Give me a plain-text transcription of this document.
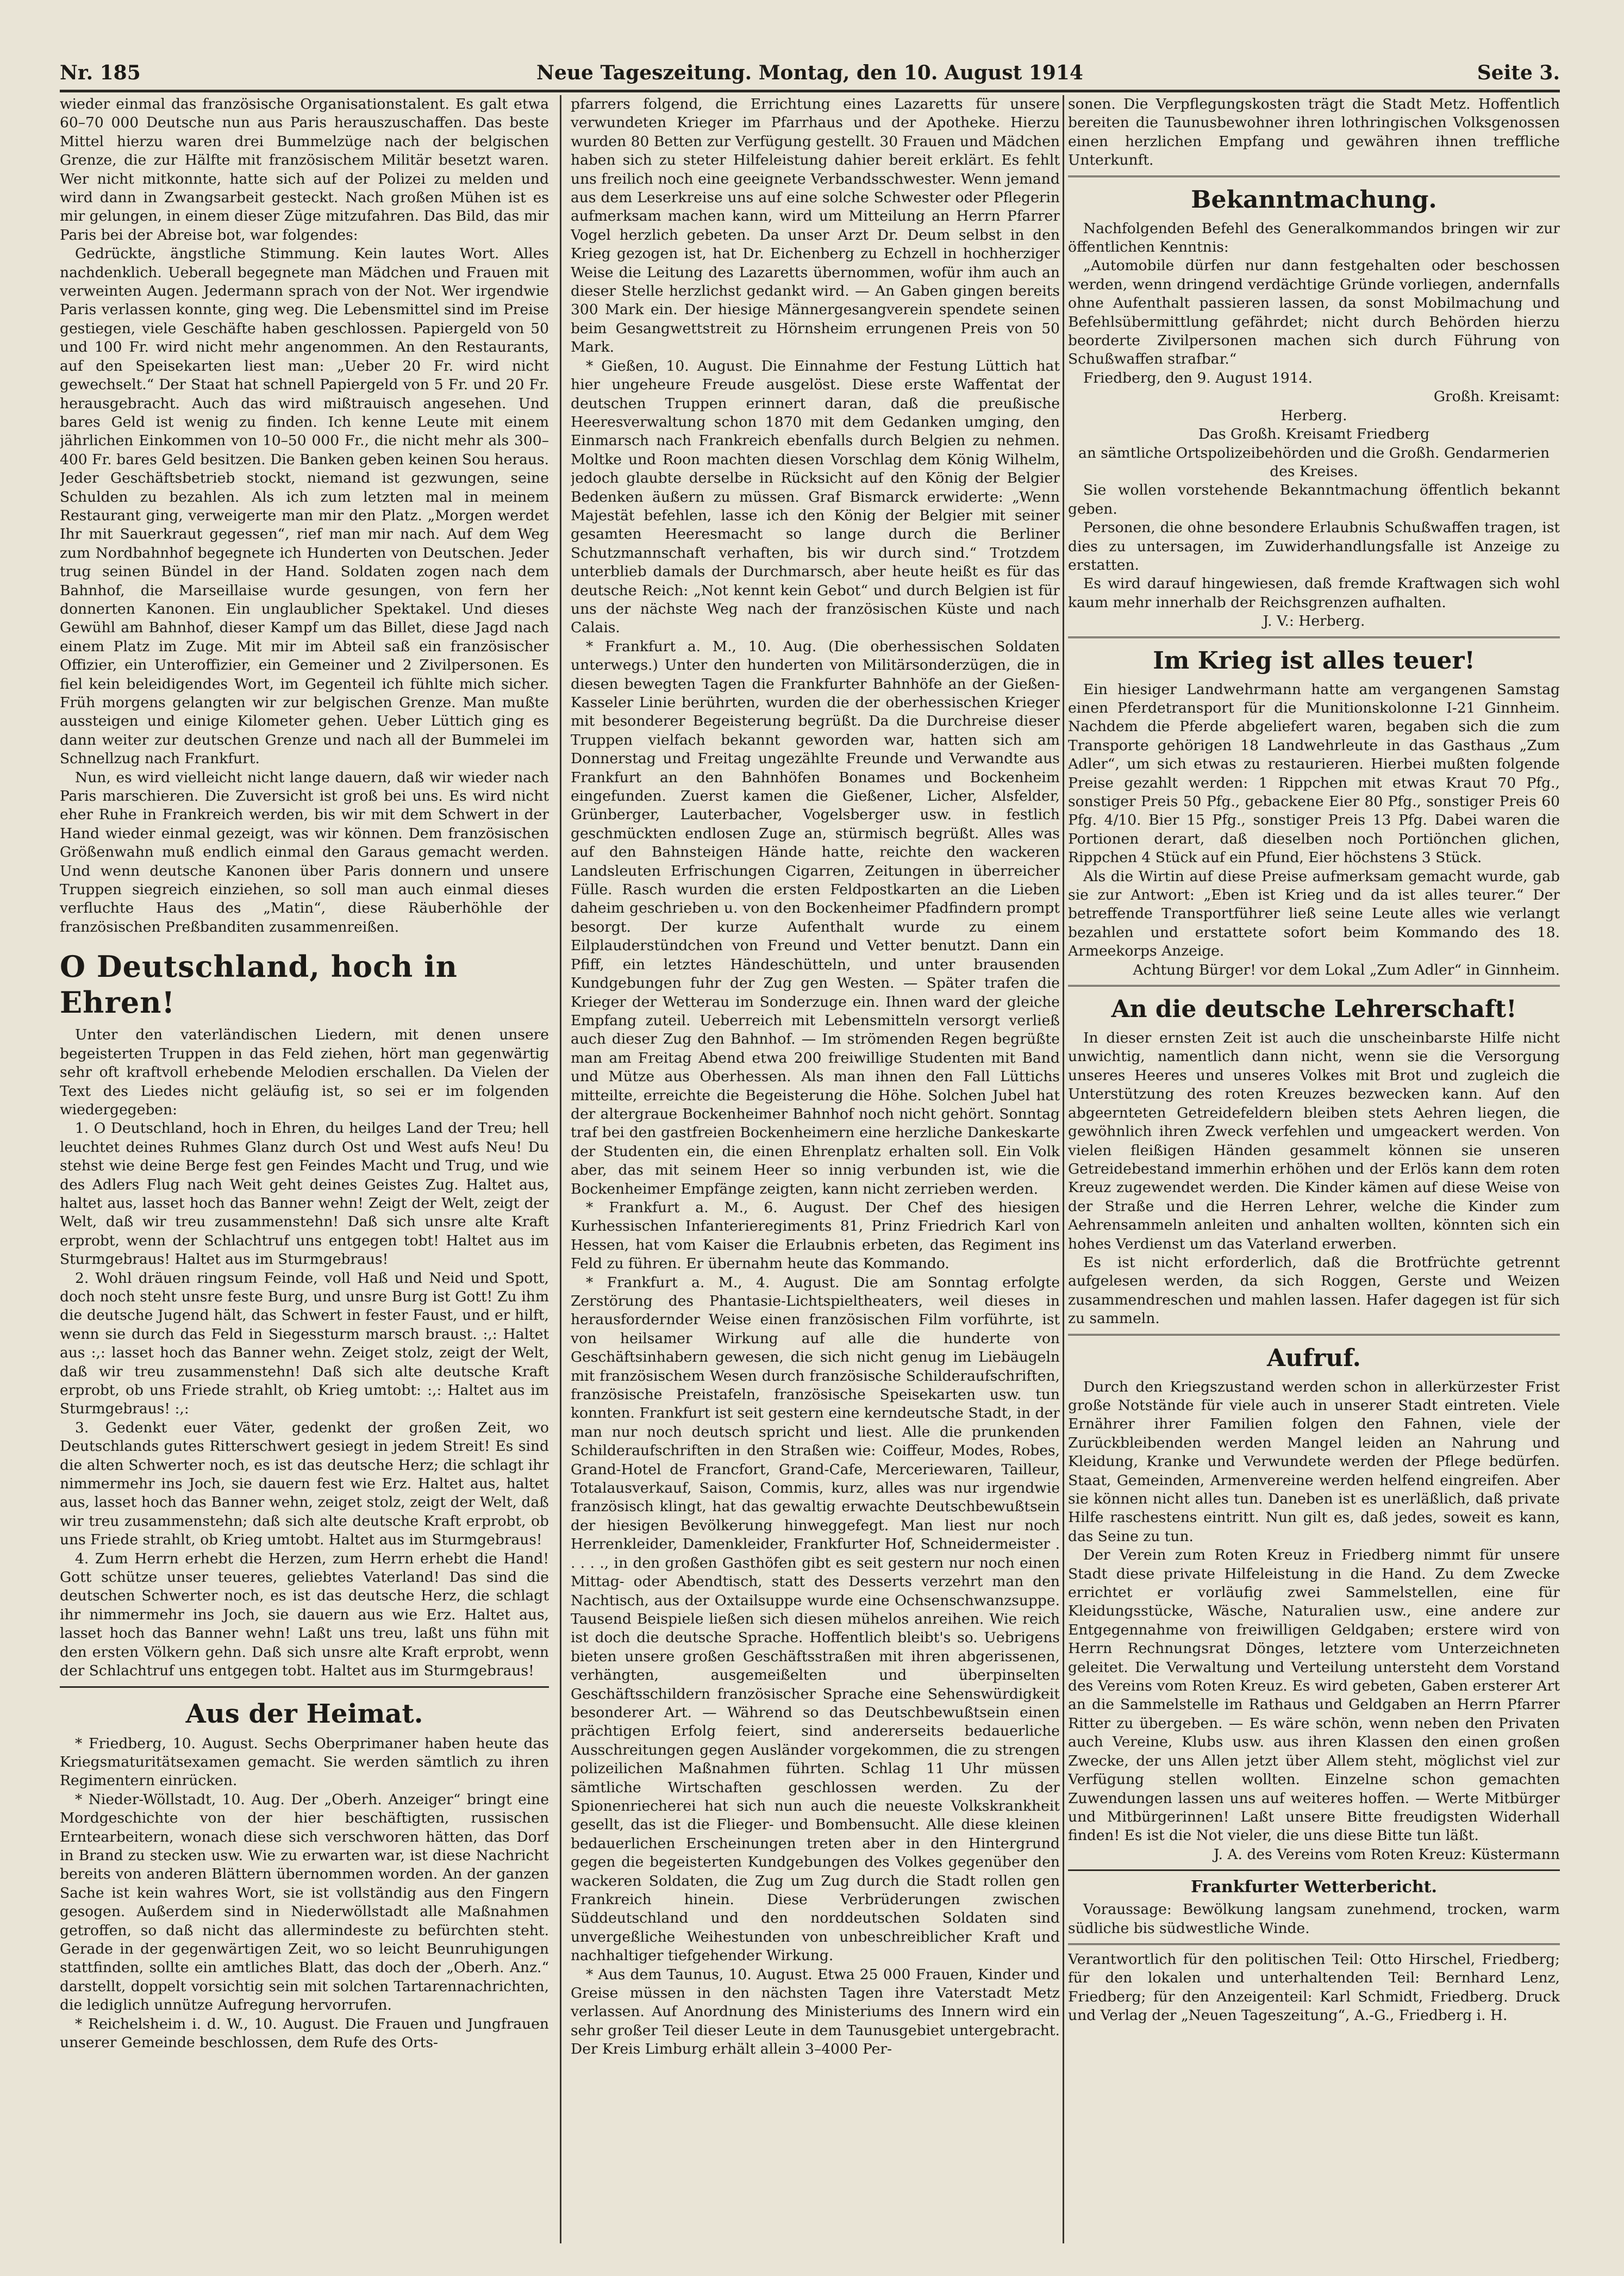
Nr. 185	Neue Tageszeitung. Montag, den 10. August 1914	Seite 3.

wieder einmal das französische Organisationstalent. Es galt etwa 60–70 000 Deutsche nun aus Paris herauszuschaffen. Das beste Mittel hierzu waren drei Bummelzüge nach der belgischen Grenze, die zur Hälfte mit französischem Militär besetzt waren. Wer nicht mitkonnte, hatte sich auf der Polizei zu melden und wird dann in Zwangsarbeit gesteckt. Nach großen Mühen ist es mir gelungen, in einem dieser Züge mitzufahren. Das Bild, das mir Paris bei der Abreise bot, war folgendes:

Gedrückte, ängstliche Stimmung. Kein lautes Wort. Alles nachdenklich. Ueberall begegnete man Mädchen und Frauen mit verweinten Augen. Jedermann sprach von der Not. Wer irgendwie Paris verlassen konnte, ging weg. Die Lebensmittel sind im Preise gestiegen, viele Geschäfte haben geschlossen. Papiergeld von 50 und 100 Fr. wird nicht mehr angenommen. An den Restaurants, auf den Speisekarten liest man: „Ueber 20 Fr. wird nicht gewechselt.“ Der Staat hat schnell Papiergeld von 5 Fr. und 20 Fr. herausgebracht. Auch das wird mißtrauisch angesehen. Und bares Geld ist wenig zu finden. Ich kenne Leute mit einem jährlichen Einkommen von 10–50 000 Fr., die nicht mehr als 300–400 Fr. bares Geld besitzen. Die Banken geben keinen Sou heraus. Jeder Geschäftsbetrieb stockt, niemand ist gezwungen, seine Schulden zu bezahlen. Als ich zum letzten mal in meinem Restaurant ging, verweigerte man mir den Platz. „Morgen werdet Ihr mit Sauerkraut gegessen“, rief man mir nach. Auf dem Weg zum Nordbahnhof begegnete ich Hunderten von Deutschen. Jeder trug seinen Bündel in der Hand. Soldaten zogen nach dem Bahnhof, die Marseillaise wurde gesungen, von fern her donnerten Kanonen. Ein unglaublicher Spektakel. Und dieses Gewühl am Bahnhof, dieser Kampf um das Billet, diese Jagd nach einem Platz im Zuge. Mit mir im Abteil saß ein französischer Offizier, ein Unteroffizier, ein Gemeiner und 2 Zivilpersonen. Es fiel kein beleidigendes Wort, im Gegenteil ich fühlte mich sicher. Früh morgens gelangten wir zur belgischen Grenze. Man mußte aussteigen und einige Kilometer gehen. Ueber Lüttich ging es dann weiter zur deutschen Grenze und nach all der Bummelei im Schnellzug nach Frankfurt.

Nun, es wird vielleicht nicht lange dauern, daß wir wieder nach Paris marschieren. Die Zuversicht ist groß bei uns. Es wird nicht eher Ruhe in Frankreich werden, bis wir mit dem Schwert in der Hand wieder einmal gezeigt, was wir können. Dem französischen Größenwahn muß endlich einmal den Garaus gemacht werden. Und wenn deutsche Kanonen über Paris donnern und unsere Truppen siegreich einziehen, so soll man auch einmal dieses verfluchte Haus des „Matin“, diese Räuberhöhle der französischen Preßbanditen zusammenreißen.

O Deutschland, hoch in Ehren!

Unter den vaterländischen Liedern, mit denen unsere begeisterten Truppen in das Feld ziehen, hört man gegenwärtig sehr oft kraftvoll erhebende Melodien erschallen. Da Vielen der Text des Liedes nicht geläufig ist, so sei er im folgenden wiedergegeben:

1. O Deutschland, hoch in Ehren, du heilges Land der Treu; hell leuchtet deines Ruhmes Glanz durch Ost und West aufs Neu! Du stehst wie deine Berge fest gen Feindes Macht und Trug, und wie des Adlers Flug nach Weit geht deines Geistes Zug. Haltet aus, haltet aus, lasset hoch das Banner wehn! Zeigt der Welt, zeigt der Welt, daß wir treu zusammenstehn! Daß sich unsre alte Kraft erprobt, wenn der Schlachtruf uns entgegen tobt! Haltet aus im Sturmgebraus! Haltet aus im Sturmgebraus!

2. Wohl dräuen ringsum Feinde, voll Haß und Neid und Spott, doch noch steht unsre feste Burg, und unsre Burg ist Gott! Zu ihm die deutsche Jugend hält, das Schwert in fester Faust, und er hilft, wenn sie durch das Feld in Siegessturm marsch braust. :,: Haltet aus :,: lasset hoch das Banner wehn. Zeiget stolz, zeigt der Welt, daß wir treu zusammenstehn! Daß sich alte deutsche Kraft erprobt, ob uns Friede strahlt, ob Krieg umtobt: :,: Haltet aus im Sturmgebraus! :,:

3. Gedenkt euer Väter, gedenkt der großen Zeit, wo Deutschlands gutes Ritterschwert gesiegt in jedem Streit! Es sind die alten Schwerter noch, es ist das deutsche Herz; die schlagt ihr nimmermehr ins Joch, sie dauern fest wie Erz. Haltet aus, haltet aus, lasset hoch das Banner wehn, zeiget stolz, zeigt der Welt, daß wir treu zusammenstehn; daß sich alte deutsche Kraft erprobt, ob uns Friede strahlt, ob Krieg umtobt. Haltet aus im Sturmgebraus!

4. Zum Herrn erhebt die Herzen, zum Herrn erhebt die Hand! Gott schütze unser teueres, geliebtes Vaterland! Das sind die deutschen Schwerter noch, es ist das deutsche Herz, die schlagt ihr nimmermehr ins Joch, sie dauern aus wie Erz. Haltet aus, lasset hoch das Banner wehn! Laßt uns treu, laßt uns fühn mit den ersten Völkern gehn. Daß sich unsre alte Kraft erprobt, wenn der Schlachtruf uns entgegen tobt. Haltet aus im Sturmgebraus!

Aus der Heimat.

* Friedberg, 10. August. Sechs Oberprimaner haben heute das Kriegsmaturitätsexamen gemacht. Sie werden sämtlich zu ihren Regimentern einrücken.

* Nieder-Wöllstadt, 10. Aug. Der „Oberh. Anzeiger“ bringt eine Mordgeschichte von der hier beschäftigten, russischen Erntearbeitern, wonach diese sich verschworen hätten, das Dorf in Brand zu stecken usw. Wie zu erwarten war, ist diese Nachricht bereits von anderen Blättern übernommen worden. An der ganzen Sache ist kein wahres Wort, sie ist vollständig aus den Fingern gesogen. Außerdem sind in Niederwöllstadt alle Maßnahmen getroffen, so daß nicht das allermindeste zu befürchten steht. Gerade in der gegenwärtigen Zeit, wo so leicht Beunruhigungen stattfinden, sollte ein amtliches Blatt, das doch der „Oberh. Anz.“ darstellt, doppelt vorsichtig sein mit solchen Tartarennachrichten, die lediglich unnütze Aufregung hervorrufen.

* Reichelsheim i. d. W., 10. August. Die Frauen und Jungfrauen unserer Gemeinde beschlossen, dem Rufe des Orts-

pfarrers folgend, die Errichtung eines Lazaretts für unsere verwundeten Krieger im Pfarrhaus und der Apotheke. Hierzu wurden 80 Betten zur Verfügung gestellt. 30 Frauen und Mädchen haben sich zu steter Hilfeleistung dahier bereit erklärt. Es fehlt uns freilich noch eine geeignete Verbandsschwester. Wenn jemand aus dem Leserkreise uns auf eine solche Schwester oder Pflegerin aufmerksam machen kann, wird um Mitteilung an Herrn Pfarrer Vogel herzlich gebeten. Da unser Arzt Dr. Deum selbst in den Krieg gezogen ist, hat Dr. Eichenberg zu Echzell in hochherziger Weise die Leitung des Lazaretts übernommen, wofür ihm auch an dieser Stelle herzlichst gedankt wird. — An Gaben gingen bereits 300 Mark ein. Der hiesige Männergesangverein spendete seinen beim Gesangwettstreit zu Hörnsheim errungenen Preis von 50 Mark.

* Gießen, 10. August. Die Einnahme der Festung Lüttich hat hier ungeheure Freude ausgelöst. Diese erste Waffentat der deutschen Truppen erinnert daran, daß die preußische Heeresverwaltung schon 1870 mit dem Gedanken umging, den Einmarsch nach Frankreich ebenfalls durch Belgien zu nehmen. Moltke und Roon machten diesen Vorschlag dem König Wilhelm, jedoch glaubte derselbe in Rücksicht auf den König der Belgier Bedenken äußern zu müssen. Graf Bismarck erwiderte: „Wenn Majestät befehlen, lasse ich den König der Belgier mit seiner gesamten Heeresmacht so lange durch die Berliner Schutzmannschaft verhaften, bis wir durch sind.“ Trotzdem unterblieb damals der Durchmarsch, aber heute heißt es für das deutsche Reich: „Not kennt kein Gebot“ und durch Belgien ist für uns der nächste Weg nach der französischen Küste und nach Calais.

* Frankfurt a. M., 10. Aug. (Die oberhessischen Soldaten unterwegs.) Unter den hunderten von Militärsonderzügen, die in diesen bewegten Tagen die Frankfurter Bahnhöfe an der Gießen-Kasseler Linie berührten, wurden die der oberhessischen Krieger mit besonderer Begeisterung begrüßt. Da die Durchreise dieser Truppen vielfach bekannt geworden war, hatten sich am Donnerstag und Freitag ungezählte Freunde und Verwandte aus Frankfurt an den Bahnhöfen Bonames und Bockenheim eingefunden. Zuerst kamen die Gießener, Licher, Alsfelder, Grünberger, Lauterbacher, Vogelsberger usw. in festlich geschmückten endlosen Zuge an, stürmisch begrüßt. Alles was auf den Bahnsteigen Hände hatte, reichte den wackeren Landsleuten Erfrischungen Cigarren, Zeitungen in überreicher Fülle. Rasch wurden die ersten Feldpostkarten an die Lieben daheim geschrieben u. von den Bockenheimer Pfadfindern prompt besorgt. Der kurze Aufenthalt wurde zu einem Eilplauderstündchen von Freund und Vetter benutzt. Dann ein Pfiff, ein letztes Händeschütteln, und unter brausenden Kundgebungen fuhr der Zug gen Westen. — Später trafen die Krieger der Wetterau im Sonderzuge ein. Ihnen ward der gleiche Empfang zuteil. Ueberreich mit Lebensmitteln versorgt verließ auch dieser Zug den Bahnhof. — Im strömenden Regen begrüßte man am Freitag Abend etwa 200 freiwillige Studenten mit Band und Mütze aus Oberhessen. Als man ihnen den Fall Lüttichs mitteilte, erreichte die Begeisterung die Höhe. Solchen Jubel hat der altergraue Bockenheimer Bahnhof noch nicht gehört. Sonntag traf bei den gastfreien Bockenheimern eine herzliche Dankeskarte der Studenten ein, die einen Ehrenplatz erhalten soll. Ein Volk aber, das mit seinem Heer so innig verbunden ist, wie die Bockenheimer Empfänge zeigten, kann nicht zerrieben werden.

* Frankfurt a. M., 6. August. Der Chef des hiesigen Kurhessischen Infanterieregiments 81, Prinz Friedrich Karl von Hessen, hat vom Kaiser die Erlaubnis erbeten, das Regiment ins Feld zu führen. Er übernahm heute das Kommando.

* Frankfurt a. M., 4. August. Die am Sonntag erfolgte Zerstörung des Phantasie-Lichtspieltheaters, weil dieses in herausfordernder Weise einen französischen Film vorführte, ist von heilsamer Wirkung auf alle die hunderte von Geschäftsinhabern gewesen, die sich nicht genug im Liebäugeln mit französischem Wesen durch französische Schilderaufschriften, französische Preistafeln, französische Speisekarten usw. tun konnten. Frankfurt ist seit gestern eine kerndeutsche Stadt, in der man nur noch deutsch spricht und liest. Alle die prunkenden Schilderaufschriften in den Straßen wie: Coiffeur, Modes, Robes, Grand-Hotel de Francfort, Grand-Cafe, Merceriewaren, Tailleur, Totalausverkauf, Saison, Commis, kurz, alles was nur irgendwie französisch klingt, hat das gewaltig erwachte Deutschbewußtsein der hiesigen Bevölkerung hinweggefegt. Man liest nur noch Herrenkleider, Damenkleider, Frankfurter Hof, Schneidermeister . . . . ., in den großen Gasthöfen gibt es seit gestern nur noch einen Mittag- oder Abendtisch, statt des Desserts verzehrt man den Nachtisch, aus der Oxtailsuppe wurde eine Ochsenschwanzsuppe. Tausend Beispiele ließen sich diesen mühelos anreihen. Wie reich ist doch die deutsche Sprache. Hoffentlich bleibt's so. Uebrigens bieten unsere großen Geschäftsstraßen mit ihren abgerissenen, verhängten, ausgemeißelten und überpinselten Geschäftsschildern französischer Sprache eine Sehenswürdigkeit besonderer Art. — Während so das Deutschbewußtsein einen prächtigen Erfolg feiert, sind andererseits bedauerliche Ausschreitungen gegen Ausländer vorgekommen, die zu strengen polizeilichen Maßnahmen führten. Schlag 11 Uhr müssen sämtliche Wirtschaften geschlossen werden. Zu der Spionenriecherei hat sich nun auch die neueste Volkskrankheit gesellt, das ist die Flieger- und Bombensucht. Alle diese kleinen bedauerlichen Erscheinungen treten aber in den Hintergrund gegen die begeisterten Kundgebungen des Volkes gegenüber den wackeren Soldaten, die Zug um Zug durch die Stadt rollen gen Frankreich hinein. Diese Verbrüderungen zwischen Süddeutschland und den norddeutschen Soldaten sind unvergeßliche Weihestunden von unbeschreiblicher Kraft und nachhaltiger tiefgehender Wirkung.

* Aus dem Taunus, 10. August. Etwa 25 000 Frauen, Kinder und Greise müssen in den nächsten Tagen ihre Vaterstadt Metz verlassen. Auf Anordnung des Ministeriums des Innern wird ein sehr großer Teil dieser Leute in dem Taunusgebiet untergebracht. Der Kreis Limburg erhält allein 3–4000 Per-

sonen. Die Verpflegungskosten trägt die Stadt Metz. Hoffentlich bereiten die Taunusbewohner ihren lothringischen Volksgenossen einen herzlichen Empfang und gewähren ihnen treffliche Unterkunft.

Bekanntmachung.

Nachfolgenden Befehl des Generalkommandos bringen wir zur öffentlichen Kenntnis:

„Automobile dürfen nur dann festgehalten oder beschossen werden, wenn dringend verdächtige Gründe vorliegen, andernfalls ohne Aufenthalt passieren lassen, da sonst Mobilmachung und Befehlsübermittlung gefährdet; nicht durch Behörden hierzu beorderte Zivilpersonen machen sich durch Führung von Schußwaffen strafbar.“

Friedberg, den 9. August 1914.

Großh. Kreisamt:

Herberg.

Das Großh. Kreisamt Friedberg

an sämtliche Ortspolizeibehörden und die Großh. Gendarmerien des Kreises.

Sie wollen vorstehende Bekanntmachung öffentlich bekannt geben.

Personen, die ohne besondere Erlaubnis Schußwaffen tragen, ist dies zu untersagen, im Zuwiderhandlungsfalle ist Anzeige zu erstatten.

Es wird darauf hingewiesen, daß fremde Kraftwagen sich wohl kaum mehr innerhalb der Reichsgrenzen aufhalten.

J. V.: Herberg.

Im Krieg ist alles teuer!

Ein hiesiger Landwehrmann hatte am vergangenen Samstag einen Pferdetransport für die Munitionskolonne I-21 Ginnheim. Nachdem die Pferde abgeliefert waren, begaben sich die zum Transporte gehörigen 18 Landwehrleute in das Gasthaus „Zum Adler“, um sich etwas zu restaurieren. Hierbei mußten folgende Preise gezahlt werden: 1 Rippchen mit etwas Kraut 70 Pfg., sonstiger Preis 50 Pfg., gebackene Eier 80 Pfg., sonstiger Preis 60 Pfg. 4/10. Bier 15 Pfg., sonstiger Preis 13 Pfg. Dabei waren die Portionen derart, daß dieselben noch Portiönchen glichen, Rippchen 4 Stück auf ein Pfund, Eier höchstens 3 Stück.

Als die Wirtin auf diese Preise aufmerksam gemacht wurde, gab sie zur Antwort: „Eben ist Krieg und da ist alles teurer.“ Der betreffende Transportführer ließ seine Leute alles wie verlangt bezahlen und erstattete sofort beim Kommando des 18. Armeekorps Anzeige.

Achtung Bürger! vor dem Lokal „Zum Adler“ in Ginnheim.

An die deutsche Lehrerschaft!

In dieser ernsten Zeit ist auch die unscheinbarste Hilfe nicht unwichtig, namentlich dann nicht, wenn sie die Versorgung unseres Heeres und unseres Volkes mit Brot und zugleich die Unterstützung des roten Kreuzes bezwecken kann. Auf den abgeernteten Getreidefeldern bleiben stets Aehren liegen, die gewöhnlich ihren Zweck verfehlen und umgeackert werden. Von vielen fleißigen Händen gesammelt können sie unseren Getreidebestand immerhin erhöhen und der Erlös kann dem roten Kreuz zugewendet werden. Die Kinder kämen auf diese Weise von der Straße und die Herren Lehrer, welche die Kinder zum Aehrensammeln anleiten und anhalten wollten, könnten sich ein hohes Verdienst um das Vaterland erwerben.

Es ist nicht erforderlich, daß die Brotfrüchte getrennt aufgelesen werden, da sich Roggen, Gerste und Weizen zusammendreschen und mahlen lassen. Hafer dagegen ist für sich zu sammeln.

Aufruf.

Durch den Kriegszustand werden schon in allerkürzester Frist große Notstände für viele auch in unserer Stadt eintreten. Viele Ernährer ihrer Familien folgen den Fahnen, viele der Zurückbleibenden werden Mangel leiden an Nahrung und Kleidung, Kranke und Verwundete werden der Pflege bedürfen. Staat, Gemeinden, Armenvereine werden helfend eingreifen. Aber sie können nicht alles tun. Daneben ist es unerläßlich, daß private Hilfe raschestens eintritt. Nun gilt es, daß jedes, soweit es kann, das Seine zu tun.

Der Verein zum Roten Kreuz in Friedberg nimmt für unsere Stadt diese private Hilfeleistung in die Hand. Zu dem Zwecke errichtet er vorläufig zwei Sammelstellen, eine für Kleidungsstücke, Wäsche, Naturalien usw., eine andere zur Entgegennahme von freiwilligen Geldgaben; erstere wird von Herrn Rechnungsrat Dönges, letztere vom Unterzeichneten geleitet. Die Verwaltung und Verteilung untersteht dem Vorstand des Vereins vom Roten Kreuz. Es wird gebeten, Gaben ersterer Art an die Sammelstelle im Rathaus und Geldgaben an Herrn Pfarrer Ritter zu übergeben. — Es wäre schön, wenn neben den Privaten auch Vereine, Klubs usw. aus ihren Klassen den einen großen Zwecke, der uns Allen jetzt über Allem steht, möglichst viel zur Verfügung stellen wollten. Einzelne schon gemachten Zuwendungen lassen uns auf weiteres hoffen. — Werte Mitbürger und Mitbürgerinnen! Laßt unsere Bitte freudigsten Widerhall finden! Es ist die Not vieler, die uns diese Bitte tun läßt.

J. A. des Vereins vom Roten Kreuz: Küstermann

Frankfurter Wetterbericht.

Voraussage: Bewölkung langsam zunehmend, trocken, warm südliche bis südwestliche Winde.

Verantwortlich für den politischen Teil: Otto Hirschel, Friedberg; für den lokalen und unterhaltenden Teil: Bernhard Lenz, Friedberg; für den Anzeigenteil: Karl Schmidt, Friedberg. Druck und Verlag der „Neuen Tageszeitung“, A.-G., Friedberg i. H.
